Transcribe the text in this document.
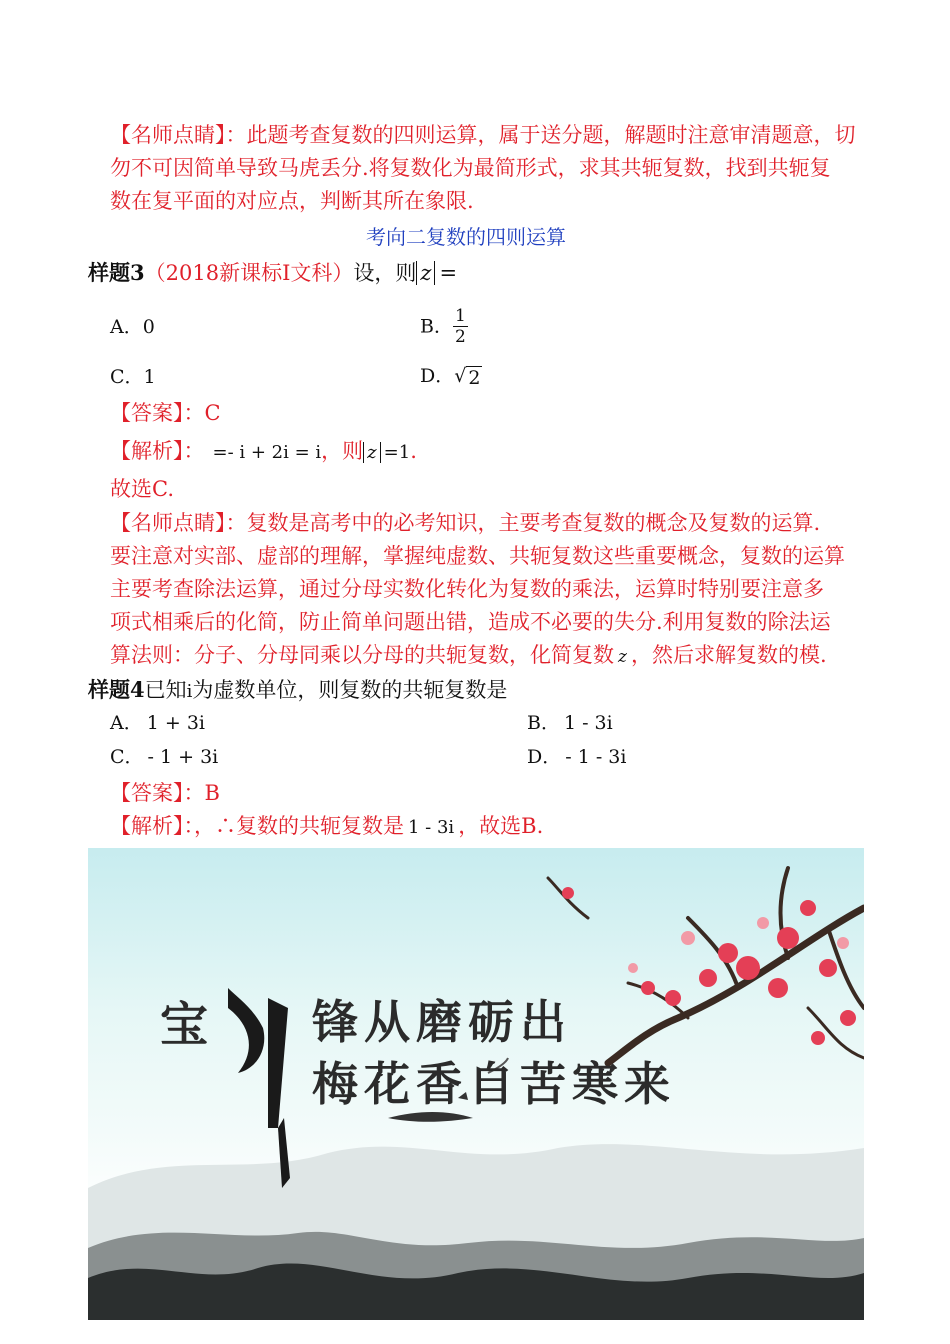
【名师点睛】：此题考查复数的四则运算，属于送分题，解题时注意审清题意，切
勿不可因简单导致马虎丢分.将复数化为最简形式，求其共轭复数，找到共轭复
数在复平面的对应点，判断其所在象限.
考向二复数的四则运算
样题3（2018新课标Ⅰ文科）设，则 z =
A．0	B． $\frac{1}{2}$
C．1	D． √ 2
【答案】：C
【解析】： =- i + 2i = i，则 z =1.
故选C.
【名师点睛】：复数是高考中的必考知识，主要考查复数的概念及复数的运算.
要注意对实部、虚部的理解，掌握纯虚数、共轭复数这些重要概念，复数的运算
主要考查除法运算，通过分母实数化转化为复数的乘法，运算时特别要注意多
项式相乘后的化简，防止简单问题出错，造成不必要的失分.利用复数的除法运
算法则：分子、分母同乘以分母的共轭复数，化简复数 z ，然后求解复数的模.
样题4已知i为虚数单位，则复数的共轭复数是
A． 1 + 3i	B． 1 - 3i
C． - 1 + 3i	D． - 1 - 3i
【答案】：B
【解析】：，∴复数的共轭复数是 1 - 3i ，故选B.
宝 锋从磨砺出
梅花香自苦寒来
